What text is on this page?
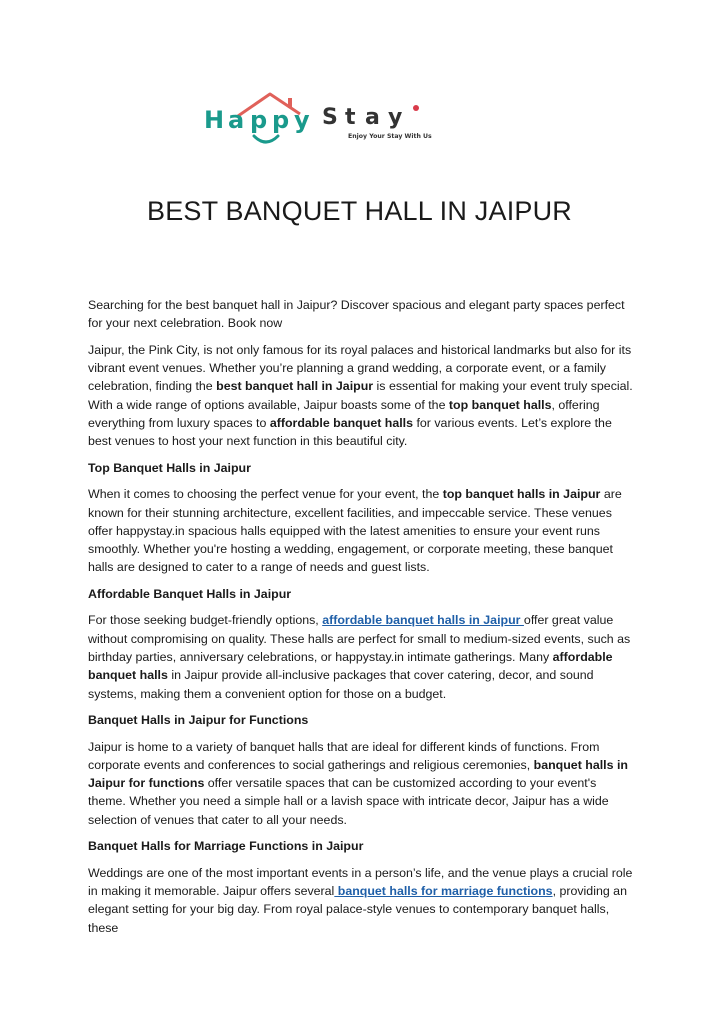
H a p p y S t a y
Enjoy Your Stay With Us
BEST BANQUET HALL IN JAIPUR

Searching for the best banquet hall in Jaipur? Discover spacious and elegant party spaces perfect for your next celebration. Book now

Jaipur, the Pink City, is not only famous for its royal palaces and historical landmarks but also for its vibrant event venues. Whether you’re planning a grand wedding, a corporate event, or a family celebration, finding the best banquet hall in Jaipur is essential for making your event truly special. With a wide range of options available, Jaipur boasts some of the top banquet halls, offering everything from luxury spaces to affordable banquet halls for various events. Let’s explore the best venues to host your next function in this beautiful city.

Top Banquet Halls in Jaipur

When it comes to choosing the perfect venue for your event, the top banquet halls in Jaipur are known for their stunning architecture, excellent facilities, and impeccable service. These venues offer happystay.in spacious halls equipped with the latest amenities to ensure your event runs smoothly. Whether you're hosting a wedding, engagement, or corporate meeting, these banquet halls are designed to cater to a range of needs and guest lists.

Affordable Banquet Halls in Jaipur

For those seeking budget-friendly options, affordable banquet halls in Jaipur offer great value without compromising on quality. These halls are perfect for small to medium-sized events, such as birthday parties, anniversary celebrations, or happystay.in intimate gatherings. Many affordable banquet halls in Jaipur provide all-inclusive packages that cover catering, decor, and sound systems, making them a convenient option for those on a budget.

Banquet Halls in Jaipur for Functions

Jaipur is home to a variety of banquet halls that are ideal for different kinds of functions. From corporate events and conferences to social gatherings and religious ceremonies, banquet halls in Jaipur for functions offer versatile spaces that can be customized according to your event's theme. Whether you need a simple hall or a lavish space with intricate decor, Jaipur has a wide selection of venues that cater to all your needs.

Banquet Halls for Marriage Functions in Jaipur

Weddings are one of the most important events in a person’s life, and the venue plays a crucial role in making it memorable. Jaipur offers several banquet halls for marriage functions, providing an elegant setting for your big day. From royal palace-style venues to contemporary banquet halls, these
